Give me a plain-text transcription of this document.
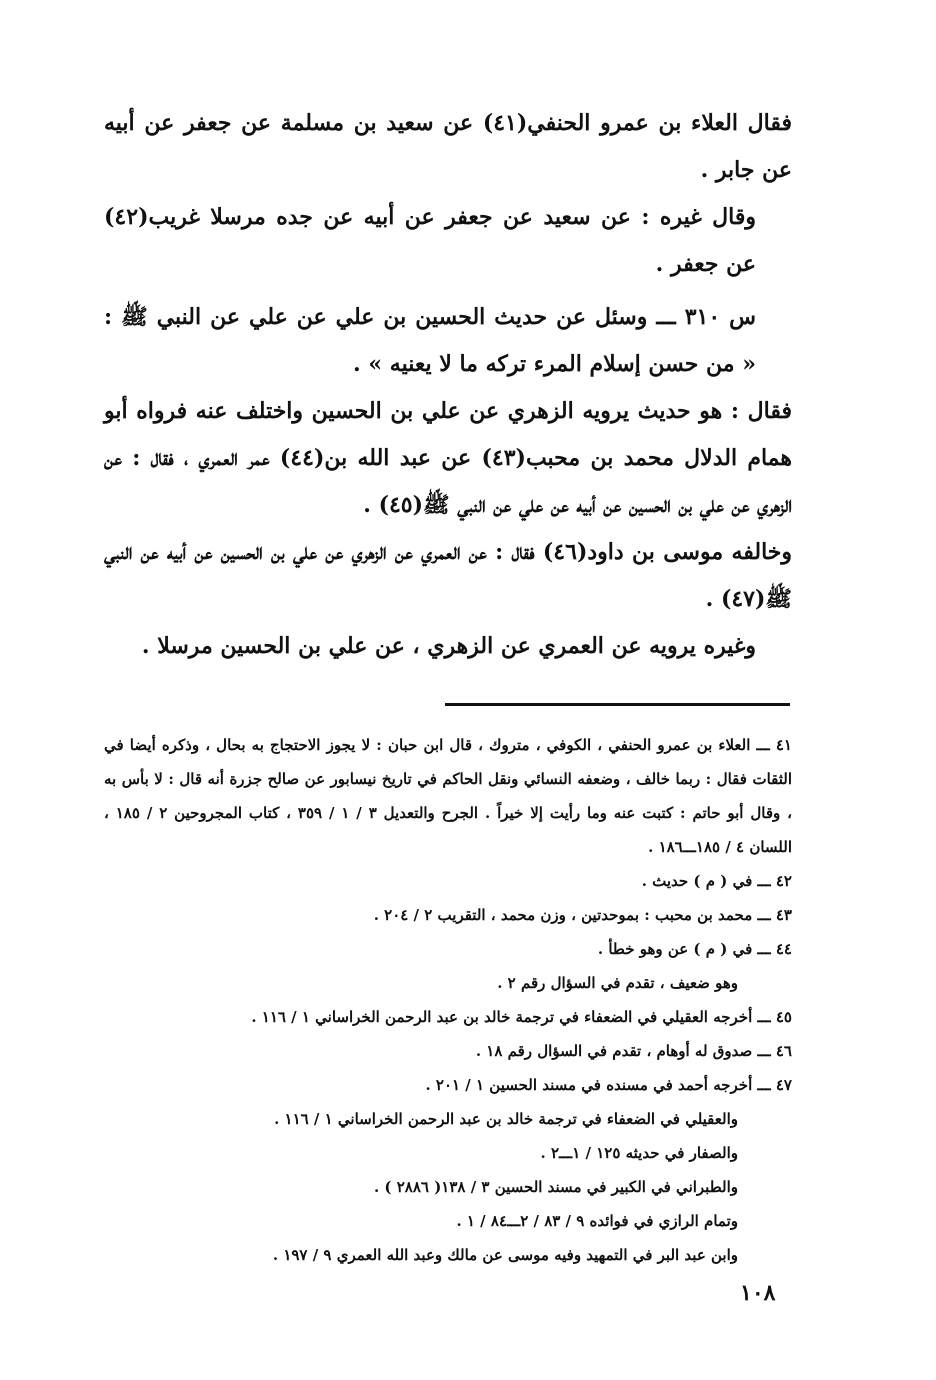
فقال العلاء بن عمرو الحنفي(٤١) عن سعيد بن مسلمة عن جعفر عن أبيه عن جابر .

وقال غيره : عن سعيد عن جعفر عن أبيه عن جده مرسلا غريب(٤٢) عن جعفر .

س ٣١٠ ـــ وسئل عن حديث الحسين بن علي عن علي عن النبي ﷺ : « من حسن إسلام المرء تركه ما لا يعنيه » .

فقال : هو حديث يرويه الزهري عن علي بن الحسين واختلف عنه فرواه أبو همام الدلال محمد بن محبب(٤٣) عن عبد الله بن(٤٤) عمر العمري ، فقال : عن الزهري عن علي بن الحسين عن أبيه عن علي عن النبي ﷺ(٤٥) .

وخالفه موسى بن داود(٤٦) فقال : عن العمري عن الزهري عن علي بن الحسين عن أبيه عن النبي ﷺ(٤٧) .

وغيره يرويه عن العمري عن الزهري ، عن علي بن الحسين مرسلا .

٤١ ـــ العلاء بن عمرو الحنفي ، الكوفي ، متروك ، قال ابن حبان : لا يجوز الاحتجاج به بحال ، وذكره أيضا في الثقات فقال : ربما خالف ، وضعفه النسائي ونقل الحاكم في تاريخ نيسابور عن صالح جزرة أنه قال : لا بأس به ، وقال أبو حاتم : كتبت عنه وما رأيت إلا خيراً . الجرح والتعديل ٣ / ١ / ٣٥٩ ، كتاب المجروحين ٢ / ١٨٥ ، اللسان ٤ / ١٨٥ـــ١٨٦ .

٤٢ ـــ في ( م ) حديث .

٤٣ ـــ محمد بن محبب : بموحدتين ، وزن محمد ، التقريب ٢ / ٢٠٤ .

٤٤ ـــ في ( م ) عن وهو خطأ .

وهو ضعيف ، تقدم في السؤال رقم ٢ .

٤٥ ـــ أخرجه العقيلي في الضعفاء في ترجمة خالد بن عبد الرحمن الخراساني ١ / ١١٦ .

٤٦ ـــ صدوق له أوهام ، تقدم في السؤال رقم ١٨ .

٤٧ ـــ أخرجه أحمد في مسنده في مسند الحسين ١ / ٢٠١ .

والعقيلي في الضعفاء في ترجمة خالد بن عبد الرحمن الخراساني ١ / ١١٦ .

والصفار في حديثه ١٢٥ / ١ـــ٢ .

والطبراني في الكبير في مسند الحسين ٣ / ١٣٨( ٢٨٨٦ ) .

وتمام الرازي في فوائده ٩ / ٨٣ / ٢ـــ٨٤ / ١ .

وابن عبد البر في التمهيد وفيه موسى عن مالك وعبد الله العمري ٩ / ١٩٧ .

١٠٨
